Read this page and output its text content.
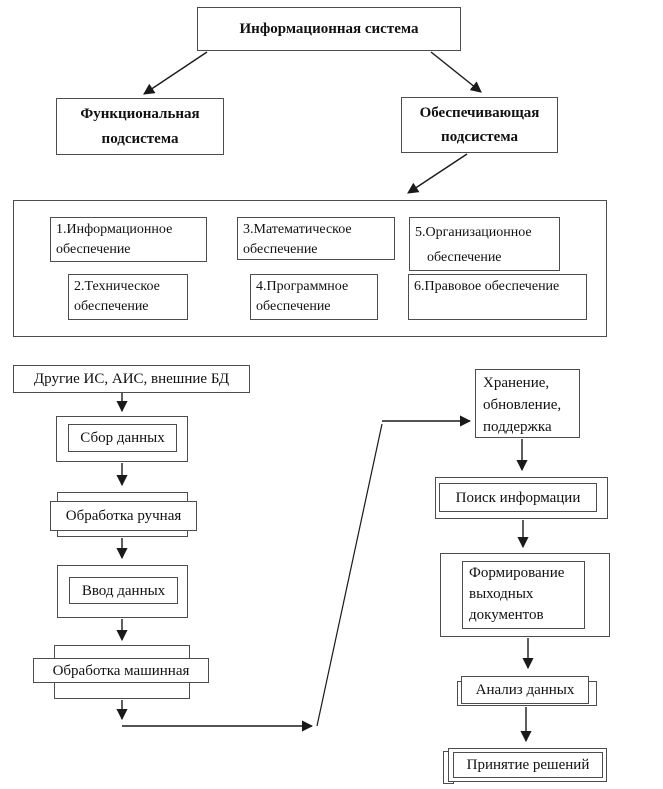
Информационная система
Функциональная
подсистема
Обеспечивающая
подсистема
1.Информационное обеспечение
2.Техническое обеспечение
3.Математическое обеспечение
4.Программное обеспечение
5.Организационное
обеспечение
6.Правовое обеспечение
Другие ИС, АИС, внешние БД
Сбор данных
Обработка ручная
Ввод данных
Обработка машинная
Хранение, обновление, поддержка
Поиск информации
Формирование выходных документов
Анализ данных
Принятие решений
